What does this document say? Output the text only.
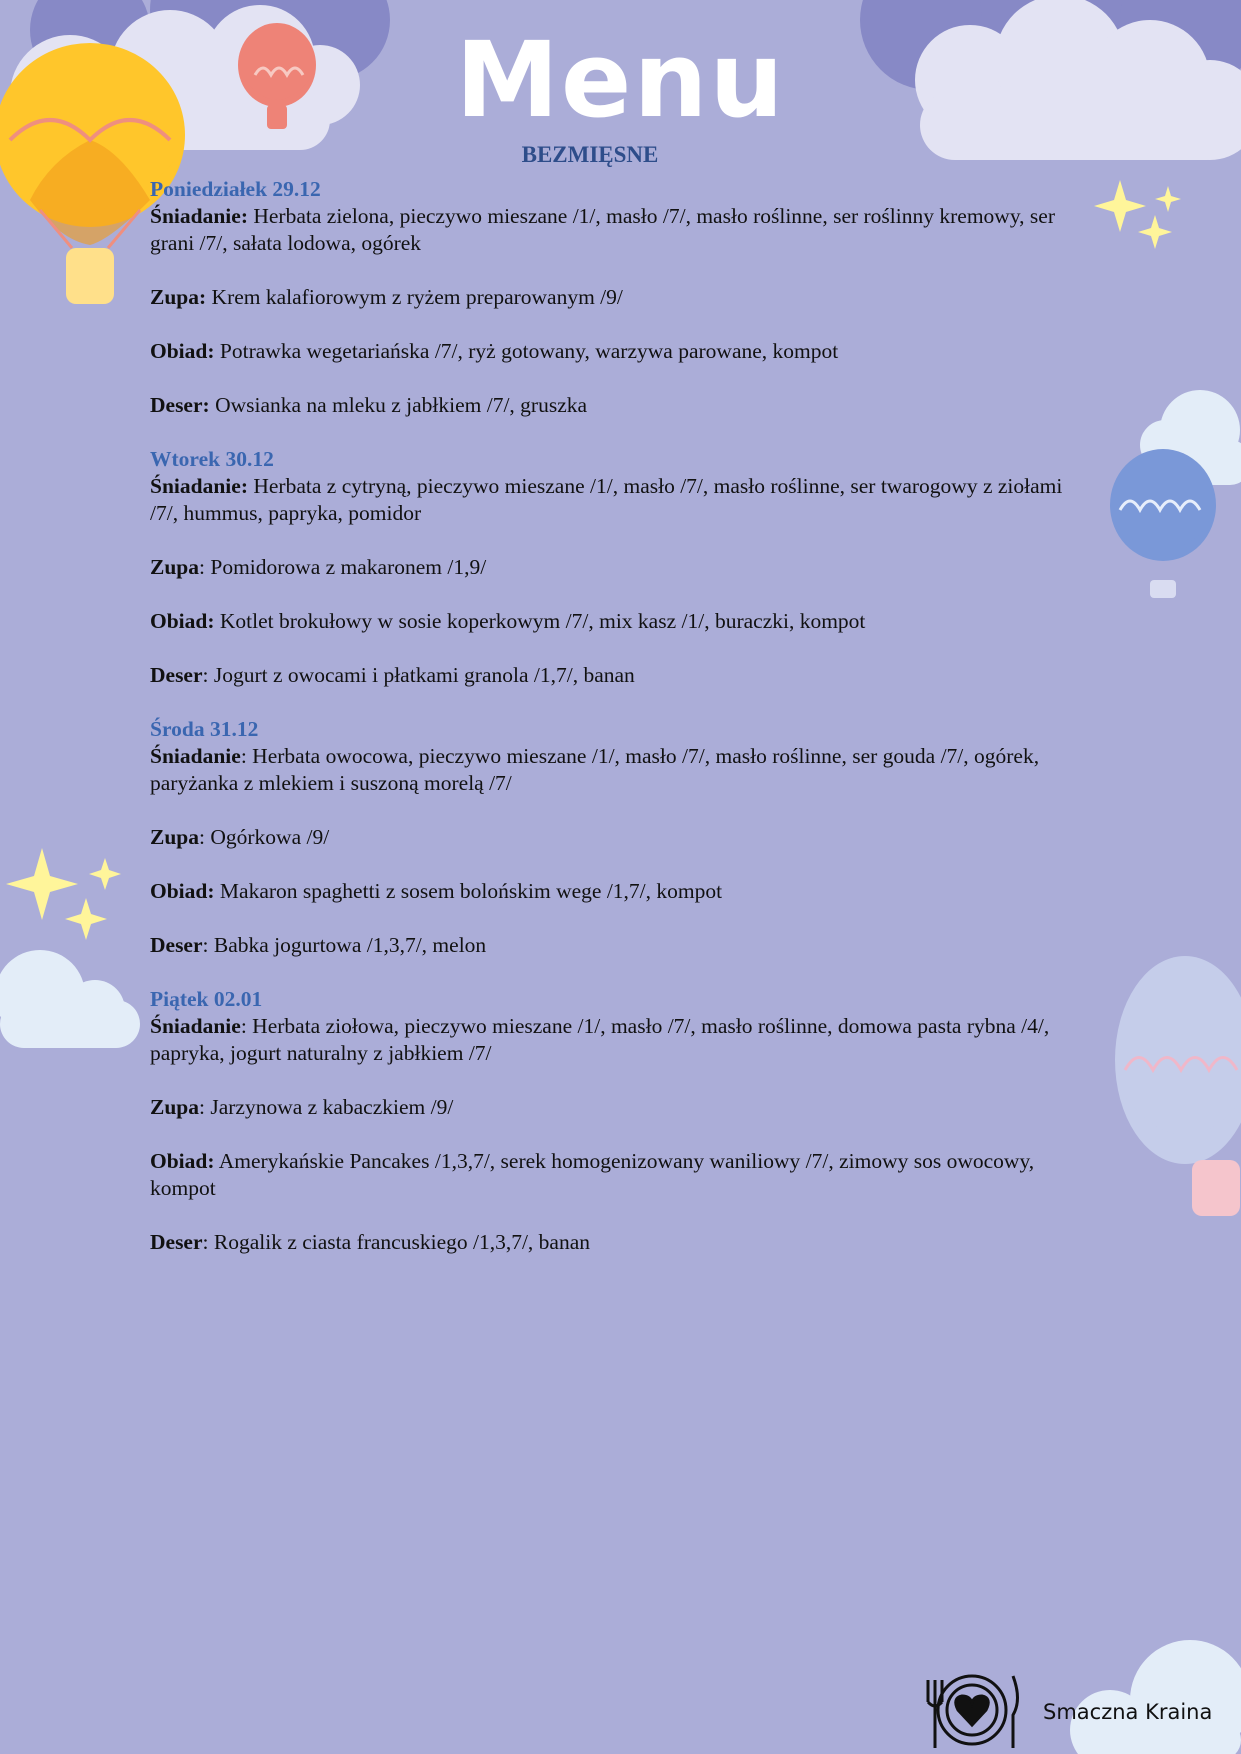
Menu
BEZMIĘSNE
Poniedziałek 29.12
Śniadanie: Herbata zielona, pieczywo mieszane /1/, masło /7/, masło roślinne, ser roślinny kremowy, ser grani /7/, sałata lodowa, ogórek
Zupa: Krem kalafiorowym z ryżem preparowanym /9/
Obiad: Potrawka wegetariańska /7/, ryż gotowany, warzywa parowane, kompot
Deser: Owsianka na mleku z jabłkiem /7/, gruszka
Wtorek 30.12
Śniadanie: Herbata z cytryną, pieczywo mieszane /1/, masło /7/, masło roślinne, ser twarogowy z ziołami /7/, hummus, papryka, pomidor
Zupa: Pomidorowa z makaronem /1,9/
Obiad: Kotlet brokułowy w sosie koperkowym /7/, mix kasz /1/, buraczki, kompot
Deser: Jogurt z owocami i płatkami granola /1,7/, banan
Środa 31.12
Śniadanie: Herbata owocowa, pieczywo mieszane /1/, masło /7/, masło roślinne, ser gouda /7/, ogórek, paryżanka z mlekiem i suszoną morelą /7/
Zupa: Ogórkowa /9/
Obiad: Makaron spaghetti z sosem bolońskim wege /1,7/, kompot
Deser: Babka jogurtowa /1,3,7/, melon
Piątek 02.01
Śniadanie: Herbata ziołowa, pieczywo mieszane /1/, masło /7/, masło roślinne, domowa pasta rybna /4/, papryka, jogurt naturalny z jabłkiem /7/
Zupa: Jarzynowa z kabaczkiem /9/
Obiad: Amerykańskie Pancakes /1,3,7/, serek homogenizowany waniliowy /7/, zimowy sos owocowy, kompot
Deser: Rogalik z ciasta francuskiego /1,3,7/, banan
Smaczna Kraina
